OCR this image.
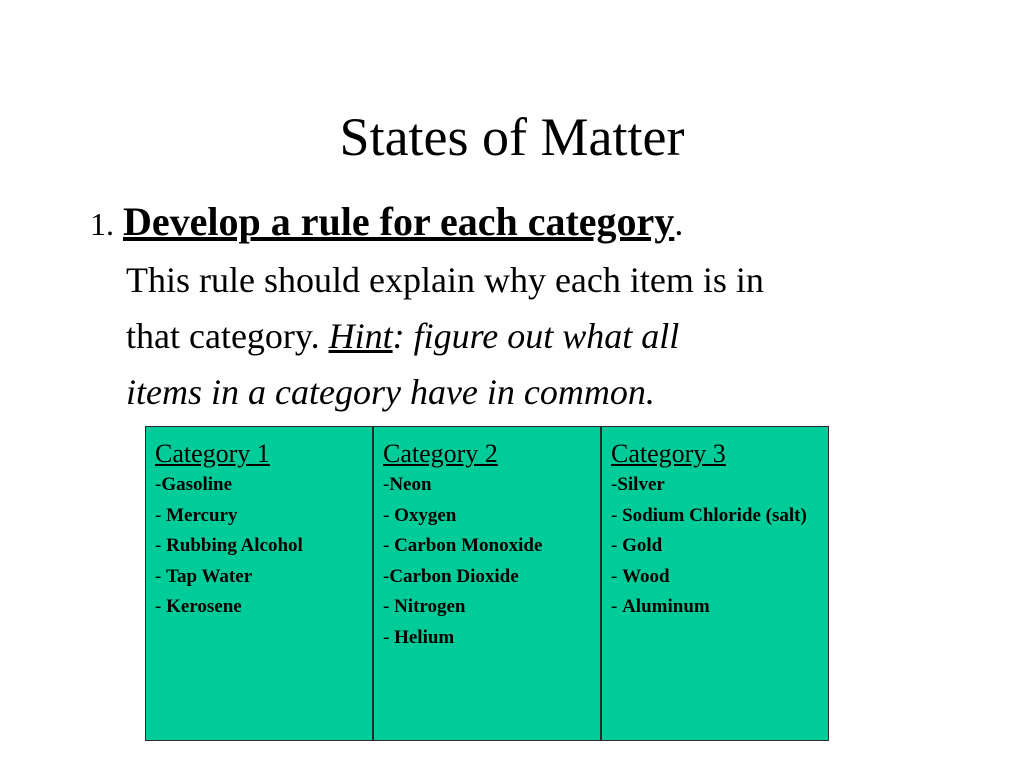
States of Matter
1. Develop a rule for each category.
This rule should explain why each item is in
that category. Hint: figure out what all
items in a category have in common.
Category 1
-Gasoline
- Mercury
- Rubbing Alcohol
- Tap Water
- Kerosene
Category 2
-Neon
- Oxygen
- Carbon Monoxide
-Carbon Dioxide
- Nitrogen
- Helium
Category 3
-Silver
- Sodium Chloride (salt)
- Gold
- Wood
- Aluminum
